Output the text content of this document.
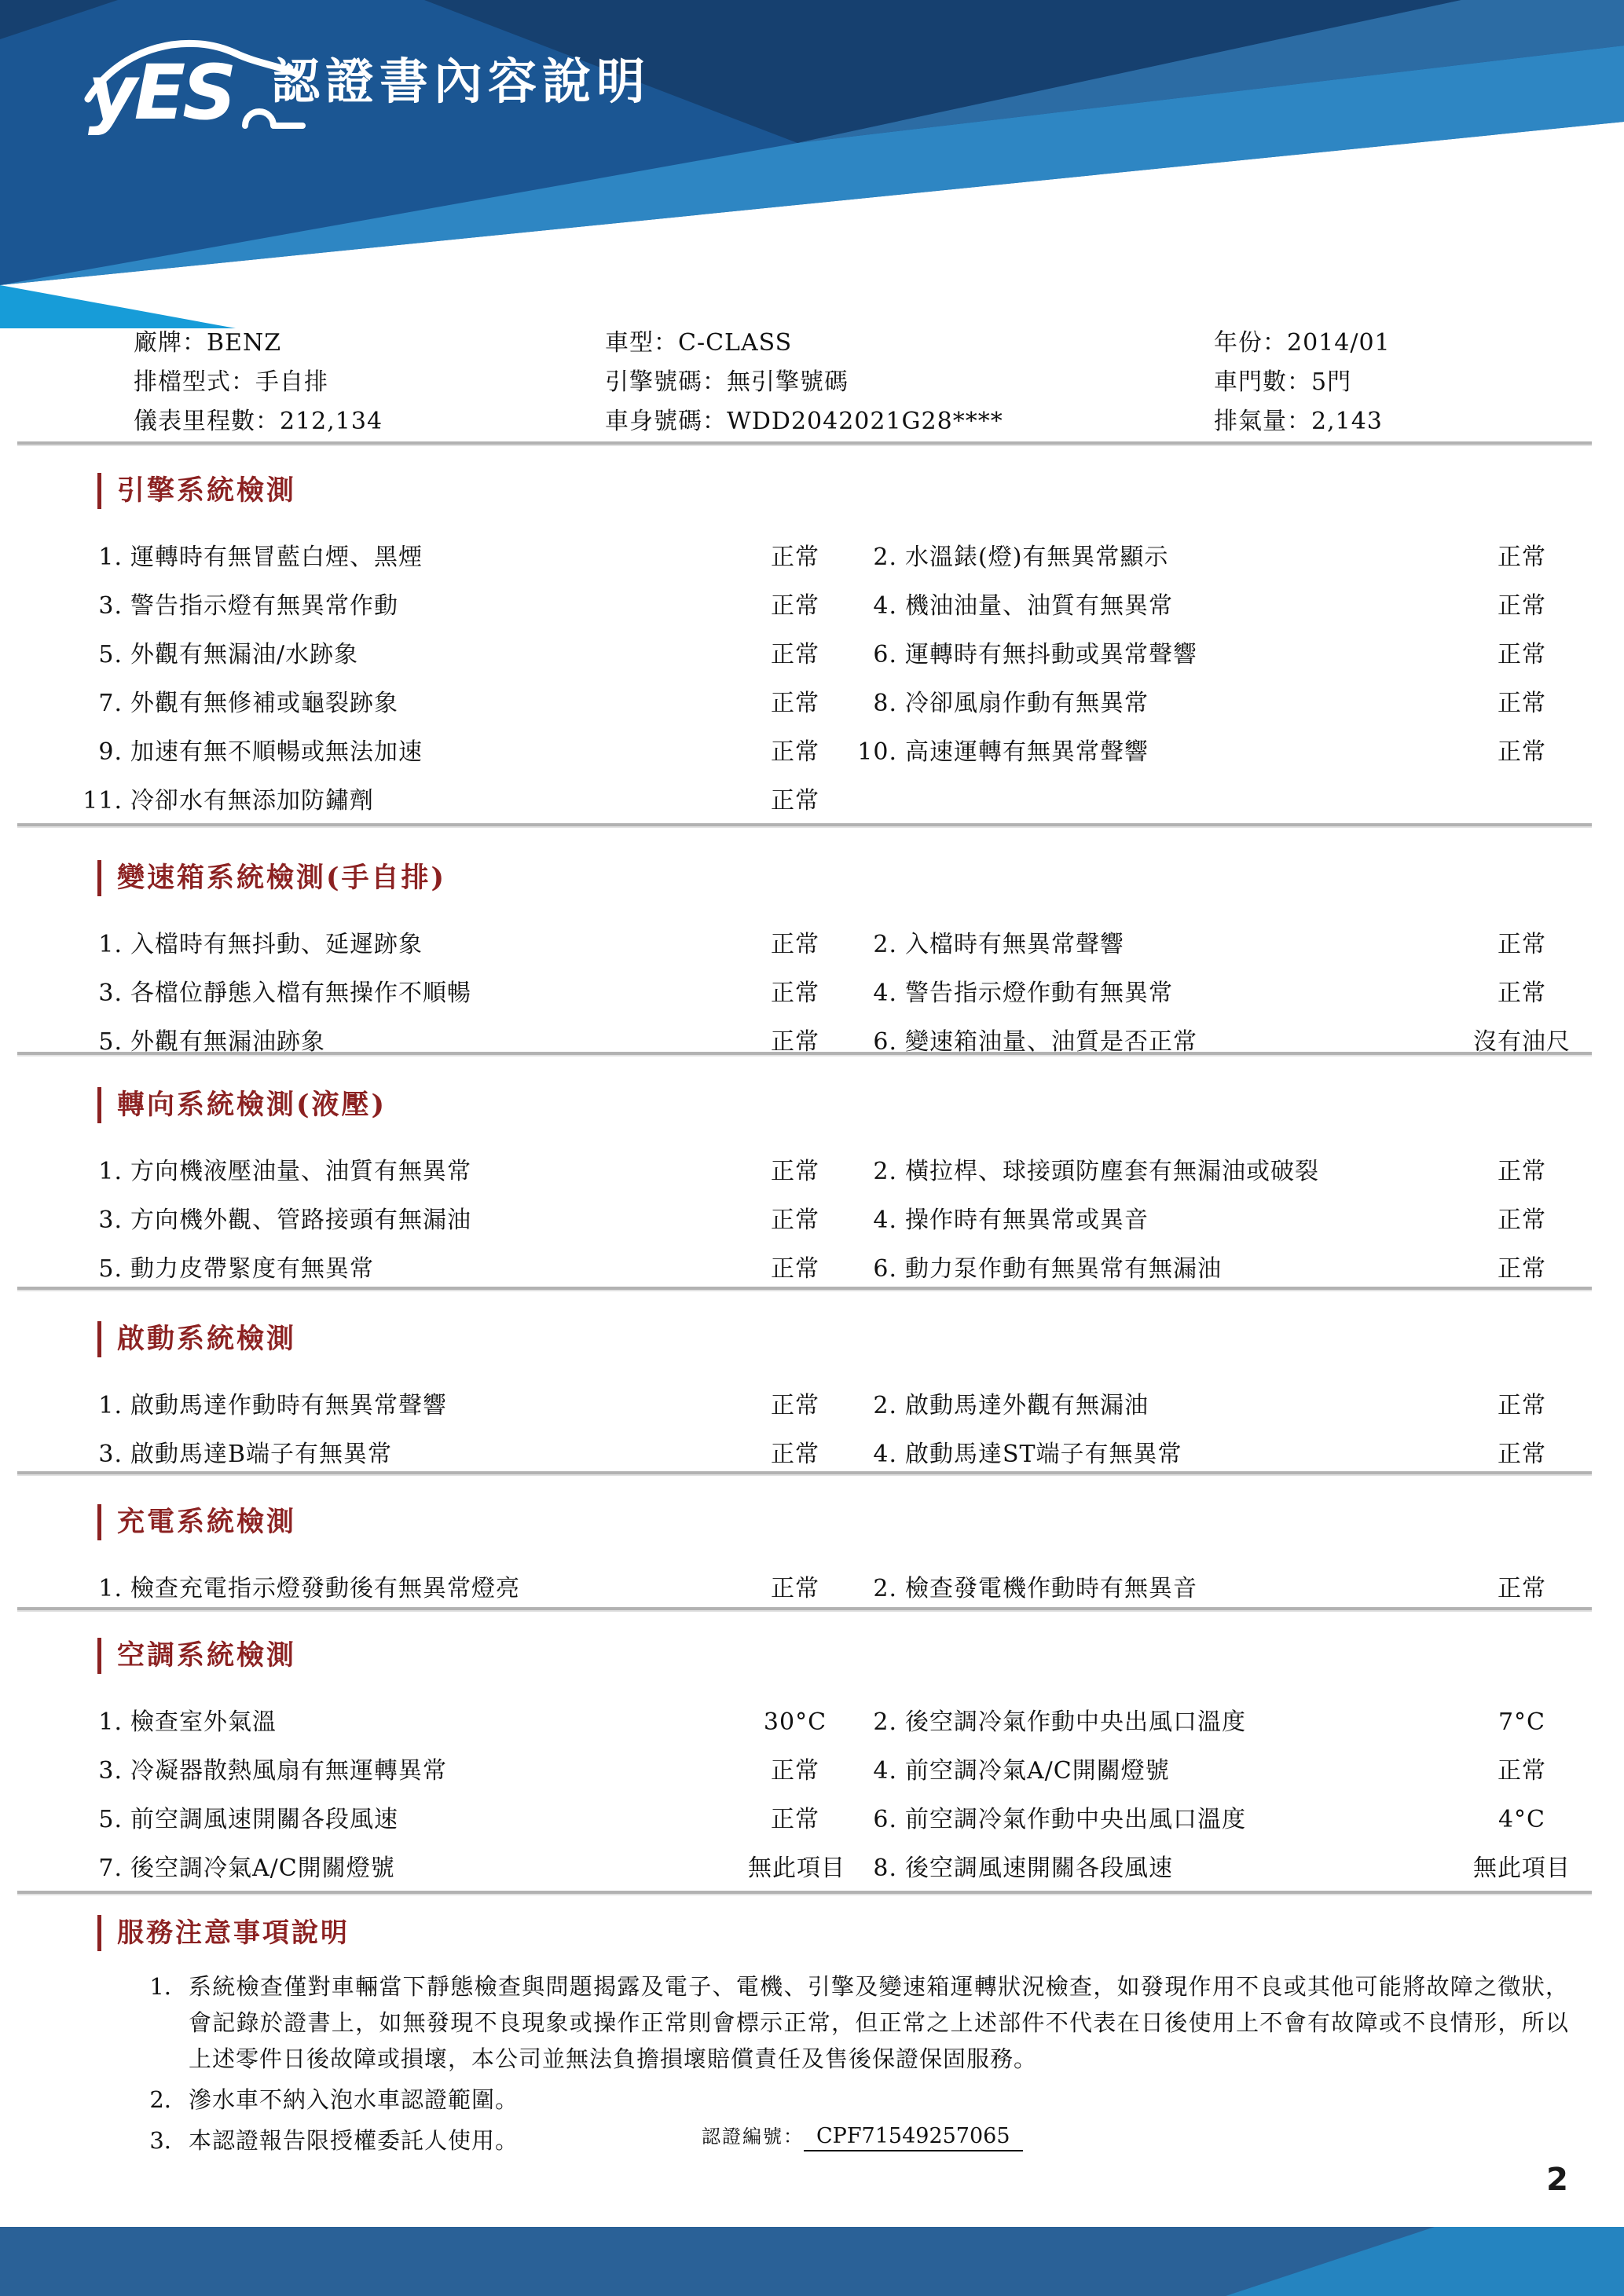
yES 認證書內容說明
廠牌：BENZ	車型：C-CLASS	年份：2014/01
排檔型式：手自排	引擎號碼：無引擎號碼	車門數：5門
儀表里程數：212,134	車身號碼：WDD2042021G28****	排氣量：2,143
引擎系統檢測
1. 運轉時有無冒藍白煙、黑煙	正常	2. 水溫錶(燈)有無異常顯示	正常
3. 警告指示燈有無異常作動	正常	4. 機油油量、油質有無異常	正常
5. 外觀有無漏油/水跡象	正常	6. 運轉時有無抖動或異常聲響	正常
7. 外觀有無修補或龜裂跡象	正常	8. 冷卻風扇作動有無異常	正常
9. 加速有無不順暢或無法加速	正常	10. 高速運轉有無異常聲響	正常
11. 冷卻水有無添加防鏽劑	正常
變速箱系統檢測(手自排)
1. 入檔時有無抖動、延遲跡象	正常	2. 入檔時有無異常聲響	正常
3. 各檔位靜態入檔有無操作不順暢	正常	4. 警告指示燈作動有無異常	正常
5. 外觀有無漏油跡象	正常	6. 變速箱油量、油質是否正常	沒有油尺
轉向系統檢測(液壓)
1. 方向機液壓油量、油質有無異常	正常	2. 橫拉桿、球接頭防塵套有無漏油或破裂	正常
3. 方向機外觀、管路接頭有無漏油	正常	4. 操作時有無異常或異音	正常
5. 動力皮帶緊度有無異常	正常	6. 動力泵作動有無異常有無漏油	正常
啟動系統檢測
1. 啟動馬達作動時有無異常聲響	正常	2. 啟動馬達外觀有無漏油	正常
3. 啟動馬達B端子有無異常	正常	4. 啟動馬達ST端子有無異常	正常
充電系統檢測
1. 檢查充電指示燈發動後有無異常燈亮	正常	2. 檢查發電機作動時有無異音	正常
空調系統檢測
1. 檢查室外氣溫	30°C	2. 後空調冷氣作動中央出風口溫度	7°C
3. 冷凝器散熱風扇有無運轉異常	正常	4. 前空調冷氣A/C開關燈號	正常
5. 前空調風速開關各段風速	正常	6. 前空調冷氣作動中央出風口溫度	4°C
7. 後空調冷氣A/C開關燈號	無此項目	8. 後空調風速開關各段風速	無此項目
服務注意事項說明
1. 系統檢查僅對車輛當下靜態檢查與問題揭露及電子、電機、引擎及變速箱運轉狀況檢查，如發現作用不良或其他可能將故障之徵狀，會記錄於證書上，如無發現不良現象或操作正常則會標示正常，但正常之上述部件不代表在日後使用上不會有故障或不良情形，所以上述零件日後故障或損壞，本公司並無法負擔損壞賠償責任及售後保證保固服務。
2. 滲水車不納入泡水車認證範圍。
3. 本認證報告限授權委託人使用。	認證編號： CPF71549257065
2
